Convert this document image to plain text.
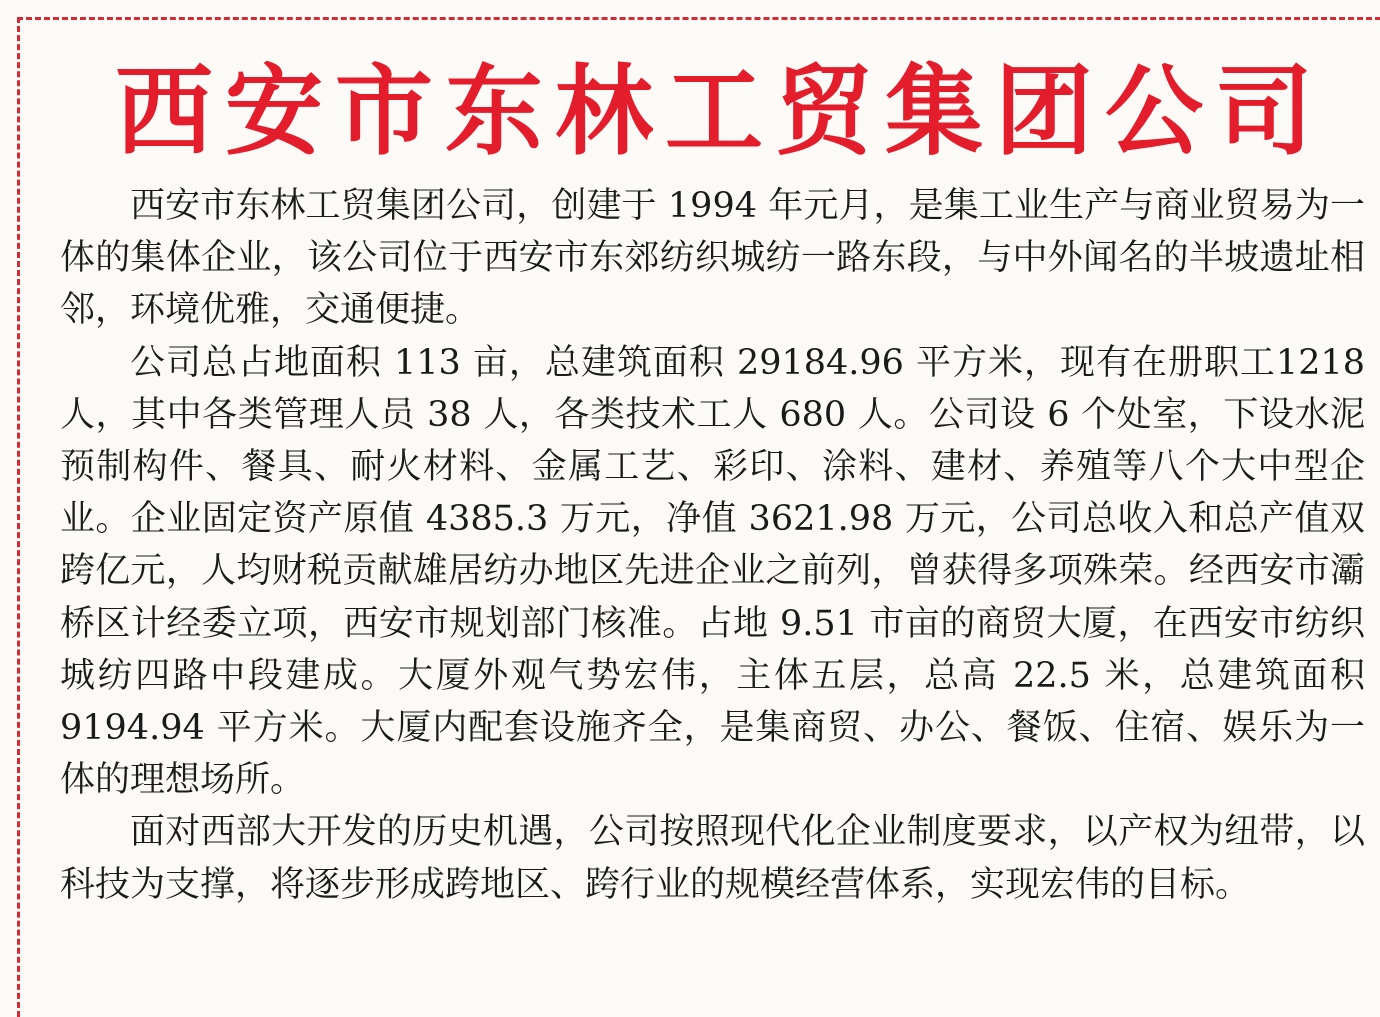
西安市东林工贸集团公司

西安市东林工贸集团公司，创建于 1994 年元月，是集工业生产与商业贸易为一体的集体企业，该公司位于西安市东郊纺织城纺一路东段，与中外闻名的半坡遗址相邻，环境优雅，交通便捷。

公司总占地面积 113 亩，总建筑面积 29184.96 平方米，现有在册职工1218 人，其中各类管理人员 38 人，各类技术工人 680 人。公司设 6 个处室，下设水泥预制构件、餐具、耐火材料、金属工艺、彩印、涂料、建材、养殖等八个大中型企业。企业固定资产原值 4385.3 万元，净值 3621.98 万元，公司总收入和总产值双跨亿元，人均财税贡献雄居纺办地区先进企业之前列，曾获得多项殊荣。经西安市灞桥区计经委立项，西安市规划部门核准。占地 9.51 市亩的商贸大厦，在西安市纺织城纺四路中段建成。大厦外观气势宏伟，主体五层，总高 22.5 米，总建筑面积 9194.94 平方米。大厦内配套设施齐全，是集商贸、办公、餐饭、住宿、娱乐为一体的理想场所。

面对西部大开发的历史机遇，公司按照现代化企业制度要求，以产权为纽带，以科技为支撑，将逐步形成跨地区、跨行业的规模经营体系，实现宏伟的目标。
